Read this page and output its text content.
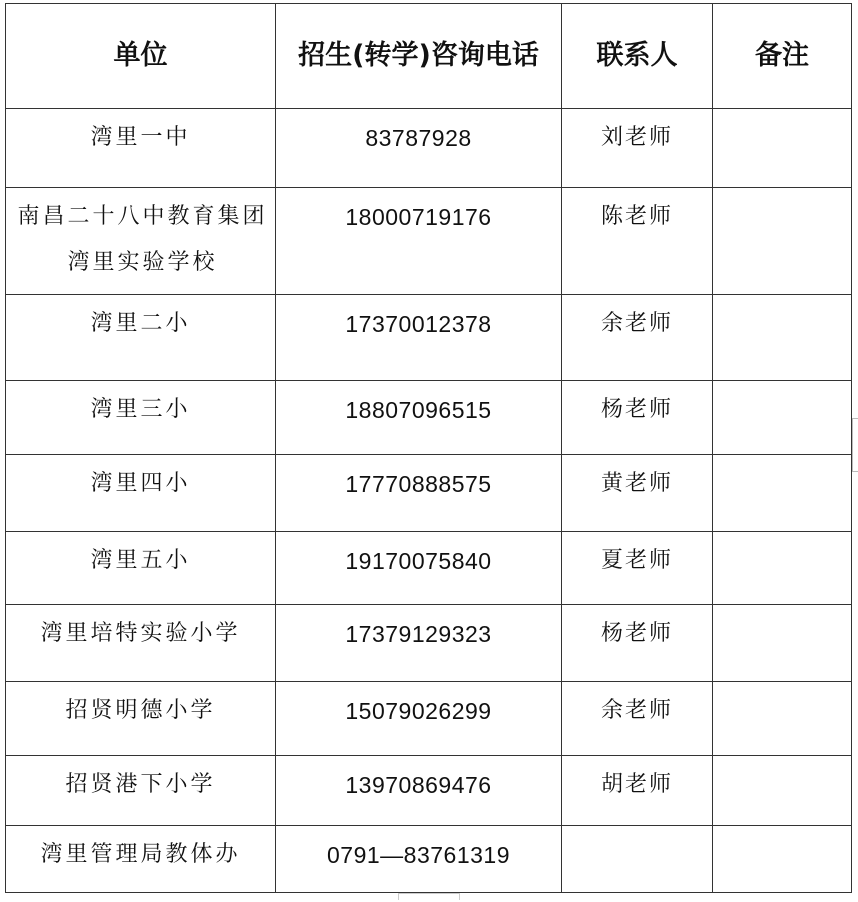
单位	招生(转学)咨询电话	联系人	备注
湾里一中	83787928	刘老师	

南昌二十八中教育集团湾里实验学校	18000719176	陈老师	
湾里二小	17370012378	余老师	
湾里三小	18807096515	杨老师	
湾里四小	17770888575	黄老师	
湾里五小	19170075840	夏老师	
湾里培特实验小学	17379129323	杨老师	
招贤明德小学	15079026299	余老师	
招贤港下小学	13970869476	胡老师	
湾里管理局教体办	0791—83761319		
